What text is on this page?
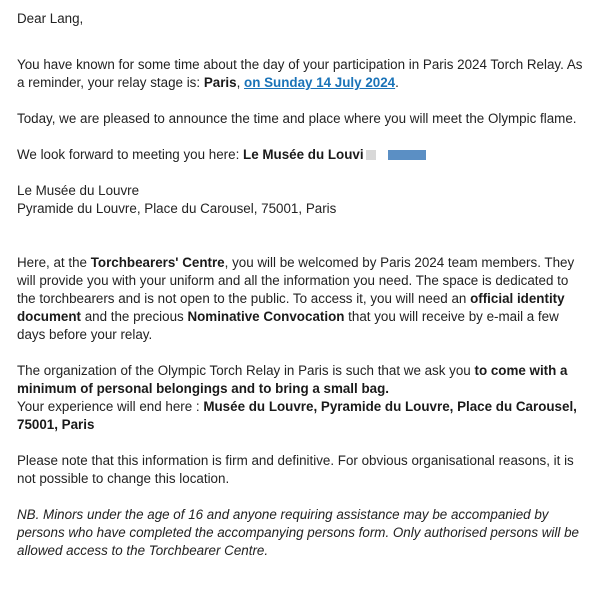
Dear Lang,

You have known for some time about the day of your participation in Paris 2024 Torch Relay. As a reminder, your relay stage is: Paris, on Sunday 14 July 2024.

Today, we are pleased to announce the time and place where you will meet the Olympic flame.

We look forward to meeting you here: Le Musée du Louvi

Le Musée du Louvre

Pyramide du Louvre, Place du Carousel, 75001, Paris

Here, at the Torchbearers' Centre, you will be welcomed by Paris 2024 team members. They will provide you with your uniform and all the information you need. The space is dedicated to the torchbearers and is not open to the public. To access it, you will need an official identity document and the precious Nominative Convocation that you will receive by e-mail a few days before your relay.

The organization of the Olympic Torch Relay in Paris is such that we ask you to come with a minimum of personal belongings and to bring a small bag.
Your experience will end here : Musée du Louvre, Pyramide du Louvre, Place du Carousel, 75001, Paris

Please note that this information is firm and definitive. For obvious organisational reasons, it is not possible to change this location.

NB. Minors under the age of 16 and anyone requiring assistance may be accompanied by persons who have completed the accompanying persons form. Only authorised persons will be allowed access to the Torchbearer Centre.
